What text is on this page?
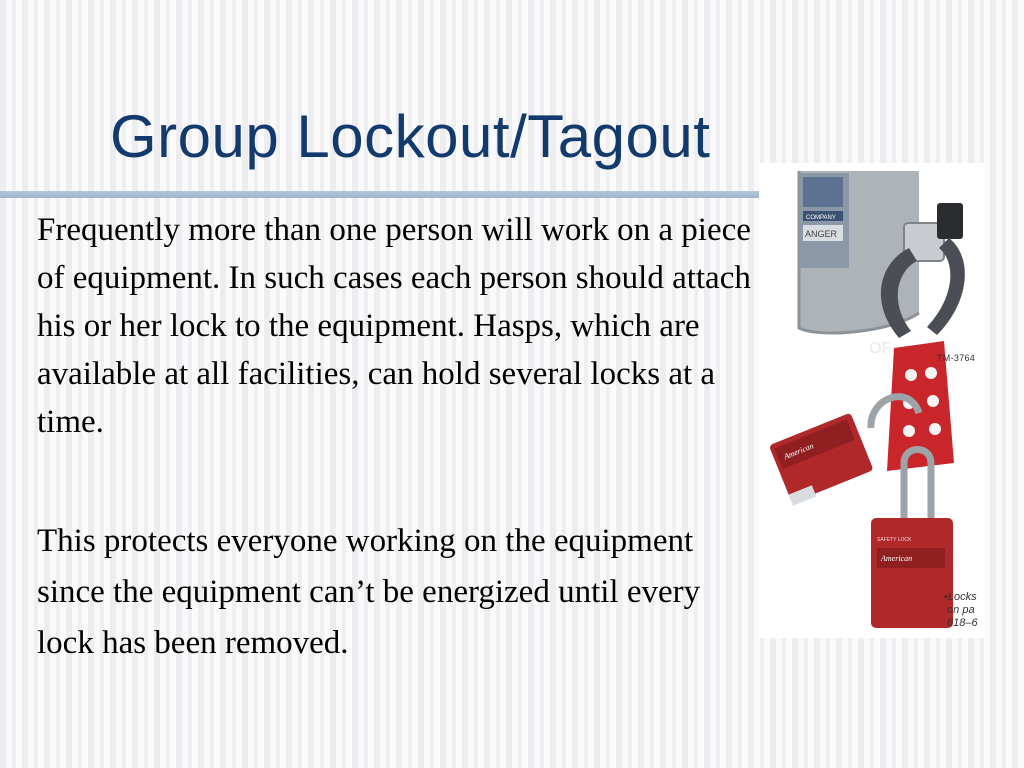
Group Lockout/Tagout
Frequently more than one person will work on a piece of equipment. In such cases each person should attach his or her lock to the equipment. Hasps, which are available at all facilities, can hold several locks at a time.
This protects everyone working on the equipment since the equipment can’t be energized until every lock has been removed.
COMPANY
ANGER
OF
American
SAFETY LOCK
American
TM-3764
•Locks
on pa
618–6
